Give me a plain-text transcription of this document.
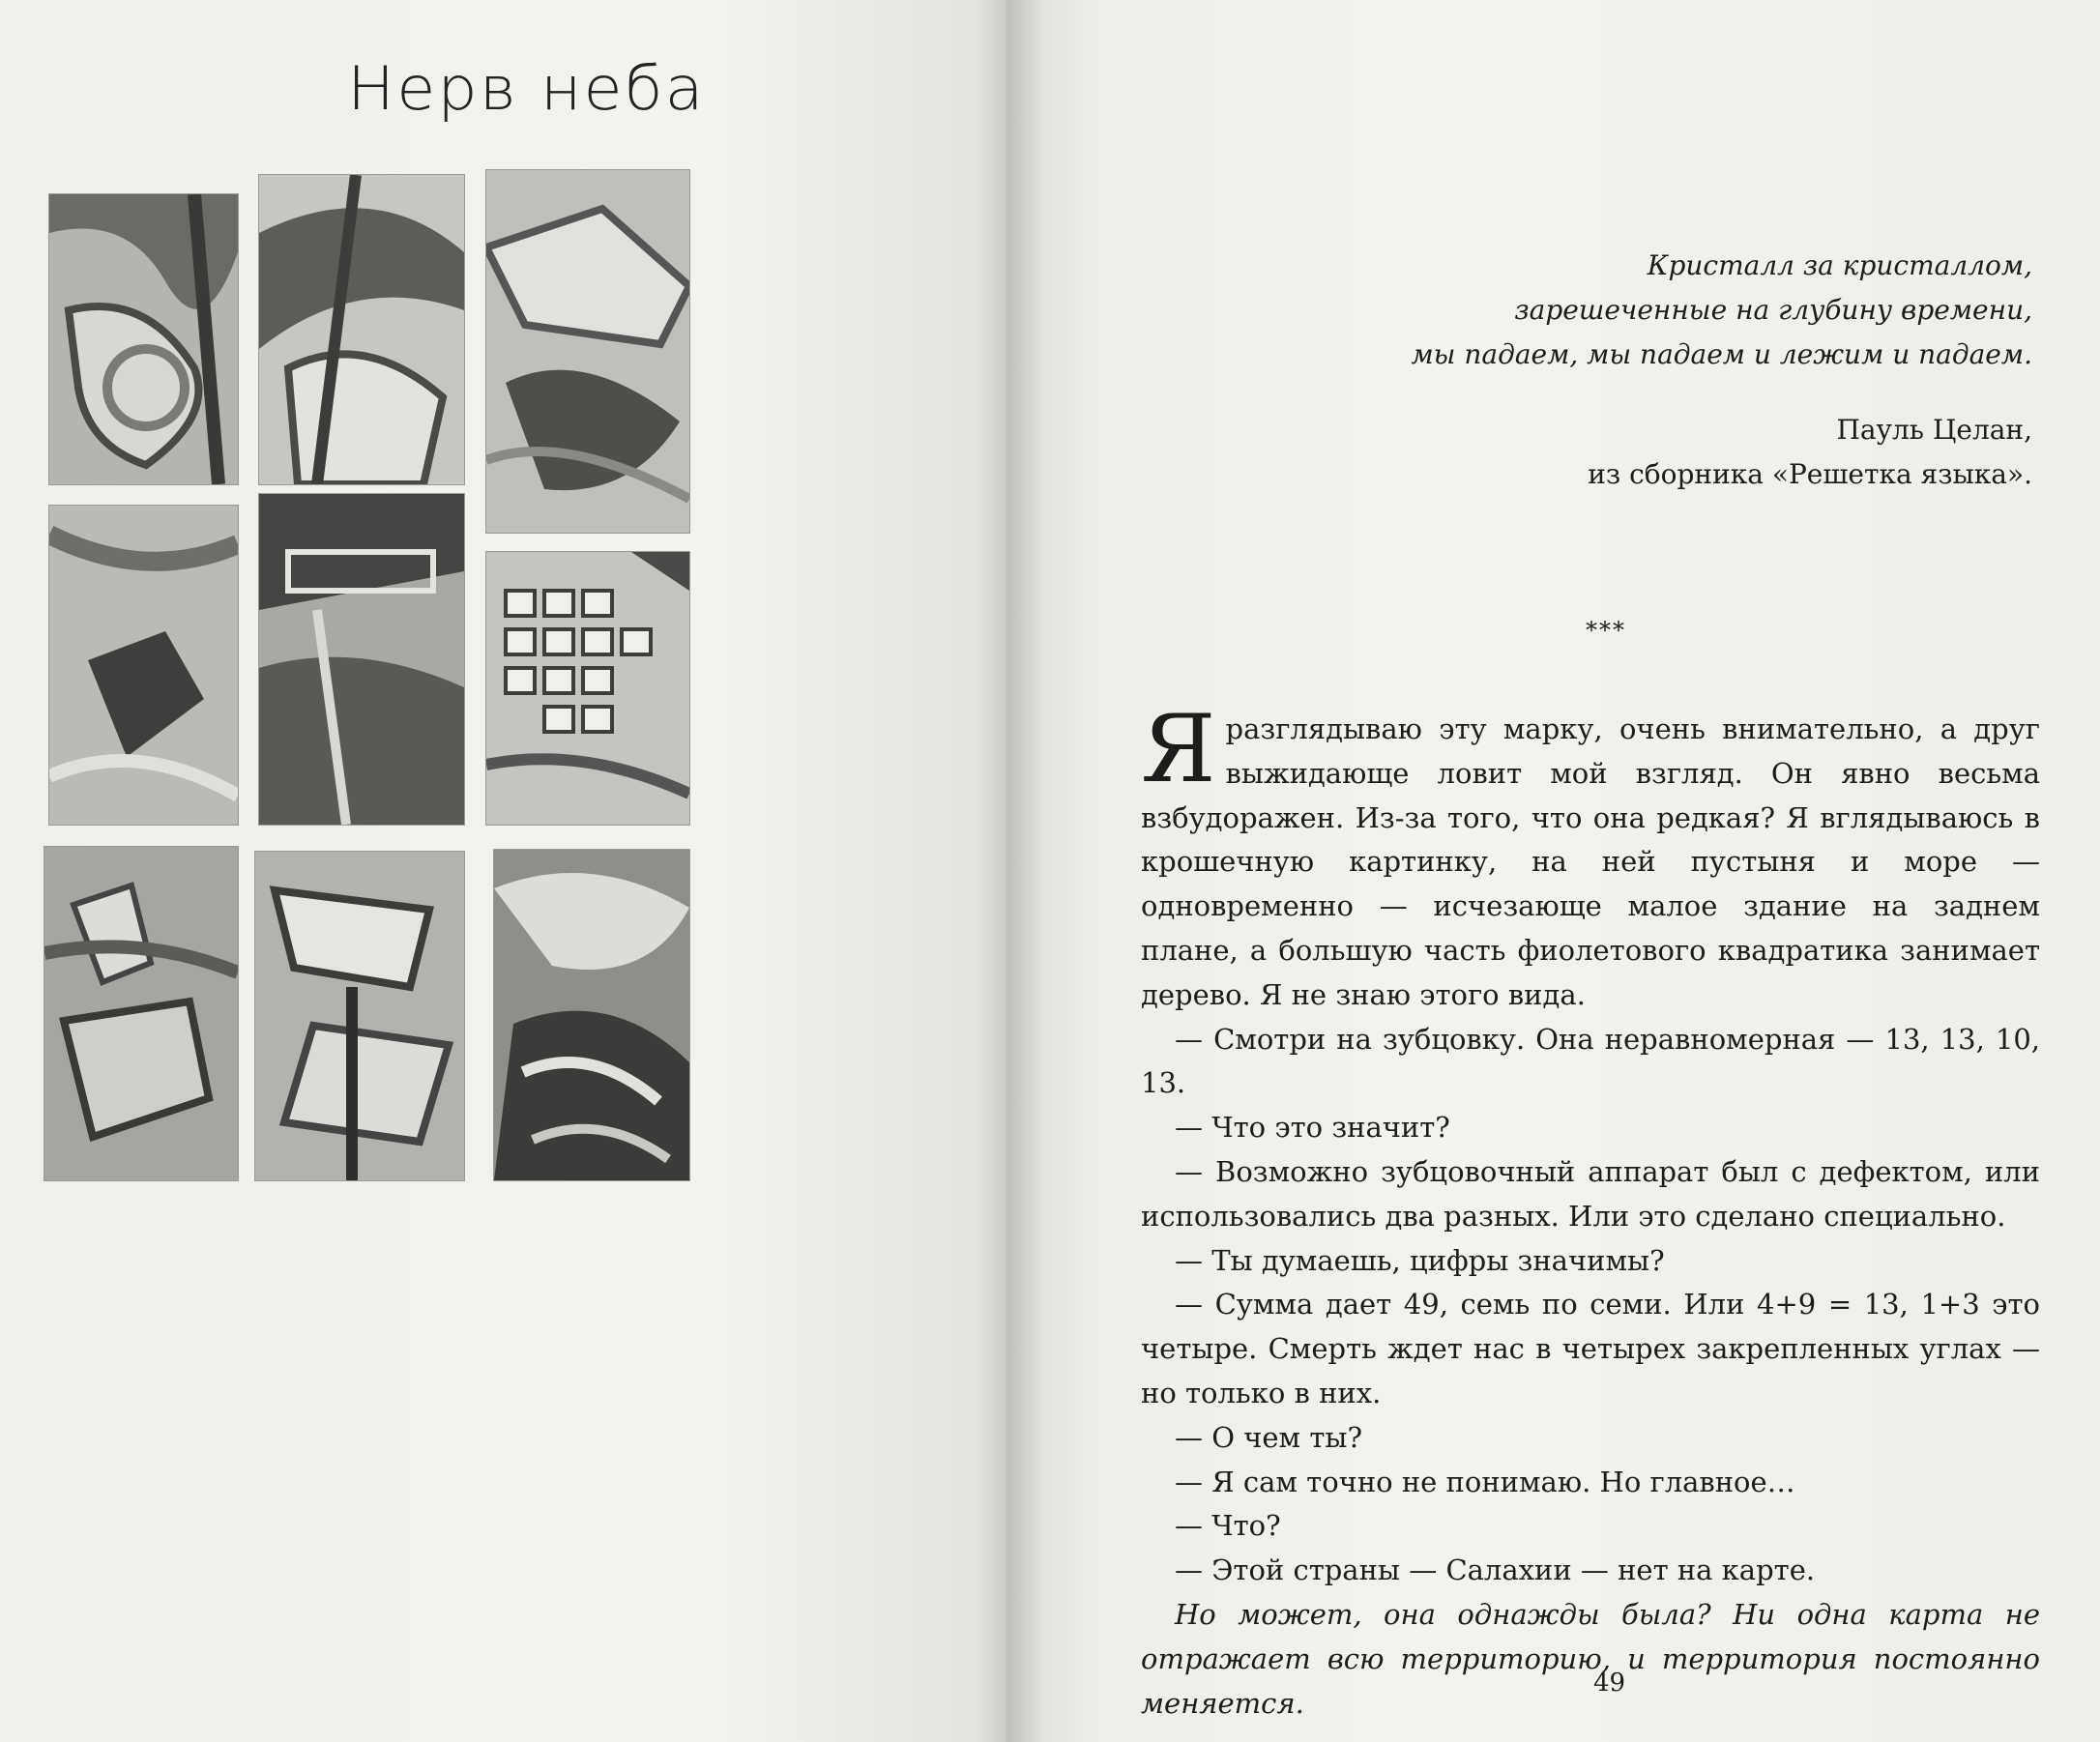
Нерв неба
Кристалл за кристаллом,
зарешеченные на глубину времени,
мы падаем, мы падаем и лежим и падаем.
Пауль Целан,
из сборника «Решетка языка».
***

Яразглядываю эту марку, очень внимательно, а друг выжидающе ловит мой взгляд. Он явно весьма взбудоражен. Из-за того, что она редкая? Я вглядываюсь в крошечную картинку, на ней пустыня и море — одновременно — исчезающе малое здание на заднем плане, а большую часть фиолетового квадратика занимает дерево. Я не знаю этого вида.

— Смотри на зубцовку. Она неравномерная — 13, 13, 10, 13.

— Что это значит?

— Возможно зубцовочный аппарат был с дефектом, или использовались два разных. Или это сделано специально.

— Ты думаешь, цифры значимы?

— Сумма дает 49, семь по семи. Или 4+9 = 13, 1+3 это четыре. Смерть ждет нас в четырех закрепленных углах — но только в них.

— О чем ты?

— Я сам точно не понимаю. Но главное…

— Что?

— Этой страны — Салахии — нет на карте.

Но может, она однажды была? Ни одна карта не отражает всю территорию, и территория постоянно меняется.

49
